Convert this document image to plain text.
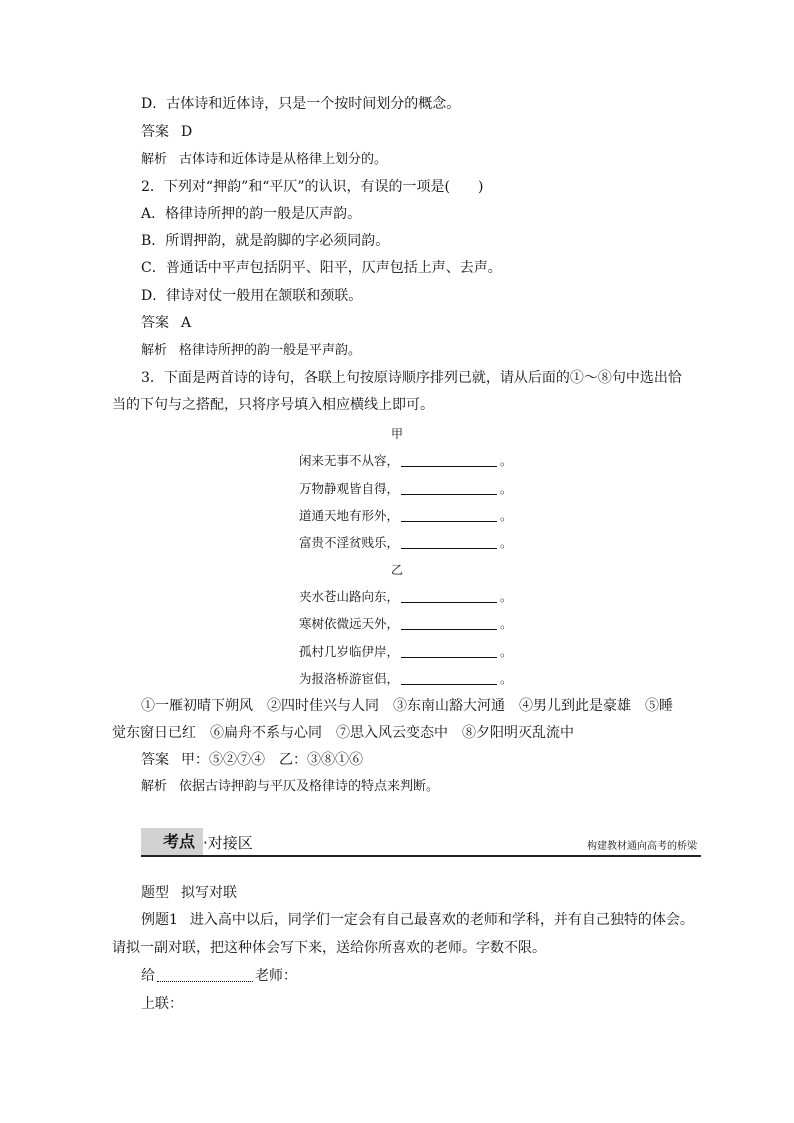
D．古体诗和近体诗，只是一个按时间划分的概念。
答案 D
解析 古体诗和近体诗是从格律上划分的。
2．下列对“押韵”和“平仄”的认识，有误的一项是(　　)
A．格律诗所押的韵一般是仄声韵。
B．所谓押韵，就是韵脚的字必须同韵。
C．普通话中平声包括阴平、阳平，仄声包括上声、去声。
D．律诗对仗一般用在颔联和颈联。
答案 A
解析 格律诗所押的韵一般是平声韵。
3．下面是两首诗的诗句，各联上句按原诗顺序排列已就，请从后面的①～⑧句中选出恰
当的下句与之搭配，只将序号填入相应横线上即可。
甲
闲来无事不从容，	。
万物静观皆自得，	。
道通天地有形外，	。
富贵不淫贫贱乐，	。
乙
夹水苍山路向东，	。
寒树依微远天外，	。
孤村几岁临伊岸，	。
为报洛桥游宦侣，	。
①一雁初晴下朔风　②四时佳兴与人同　③东南山豁大河通　④男儿到此是豪雄　⑤睡
觉东窗日已红　⑥扁舟不系与心同　⑦思入风云变态中　⑧夕阳明灭乱流中
答案 甲：⑤②⑦④　乙：③⑧①⑥
解析 依据古诗押韵与平仄及格律诗的特点来判断。
考点 ·对接区	构建教材通向高考的桥梁
题型 拟写对联
例题1 进入高中以后，同学们一定会有自己最喜欢的老师和学科，并有自己独特的体会。
请拟一副对联，把这种体会写下来，送给你所喜欢的老师。字数不限。
给	老师：
上联：
